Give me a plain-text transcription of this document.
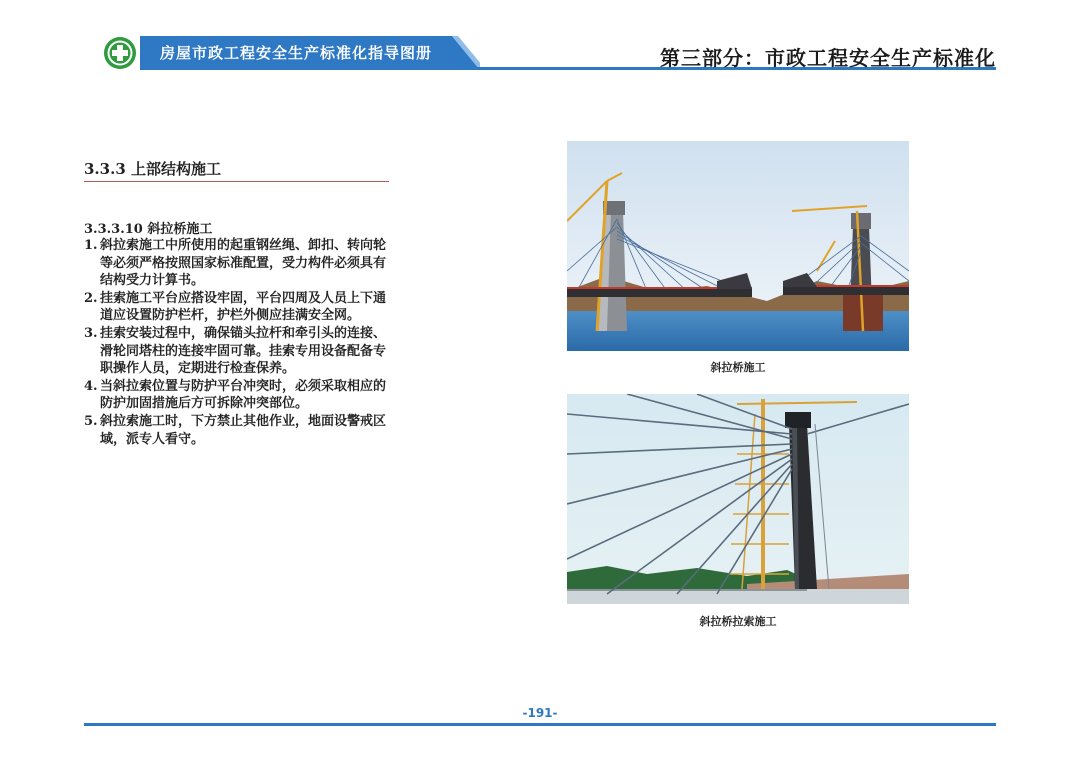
房屋市政工程安全生产标准化指导图册	第三部分：市政工程安全生产标准化
3.3.3 上部结构施工
3.3.3.10 斜拉桥施工
1. 斜拉索施工中所使用的起重钢丝绳、卸扣、转向轮等必须严格按照国家标准配置，受力构件必须具有结构受力计算书。
2. 挂索施工平台应搭设牢固，平台四周及人员上下通道应设置防护栏杆，护栏外侧应挂满安全网。
3. 挂索安装过程中，确保锚头拉杆和牵引头的连接、滑轮同塔柱的连接牢固可靠。挂索专用设备配备专职操作人员，定期进行检查保养。
4. 当斜拉索位置与防护平台冲突时，必须采取相应的防护加固措施后方可拆除冲突部位。
5. 斜拉索施工时，下方禁止其他作业，地面设警戒区域，派专人看守。
斜拉桥施工
斜拉桥拉索施工
-191-
